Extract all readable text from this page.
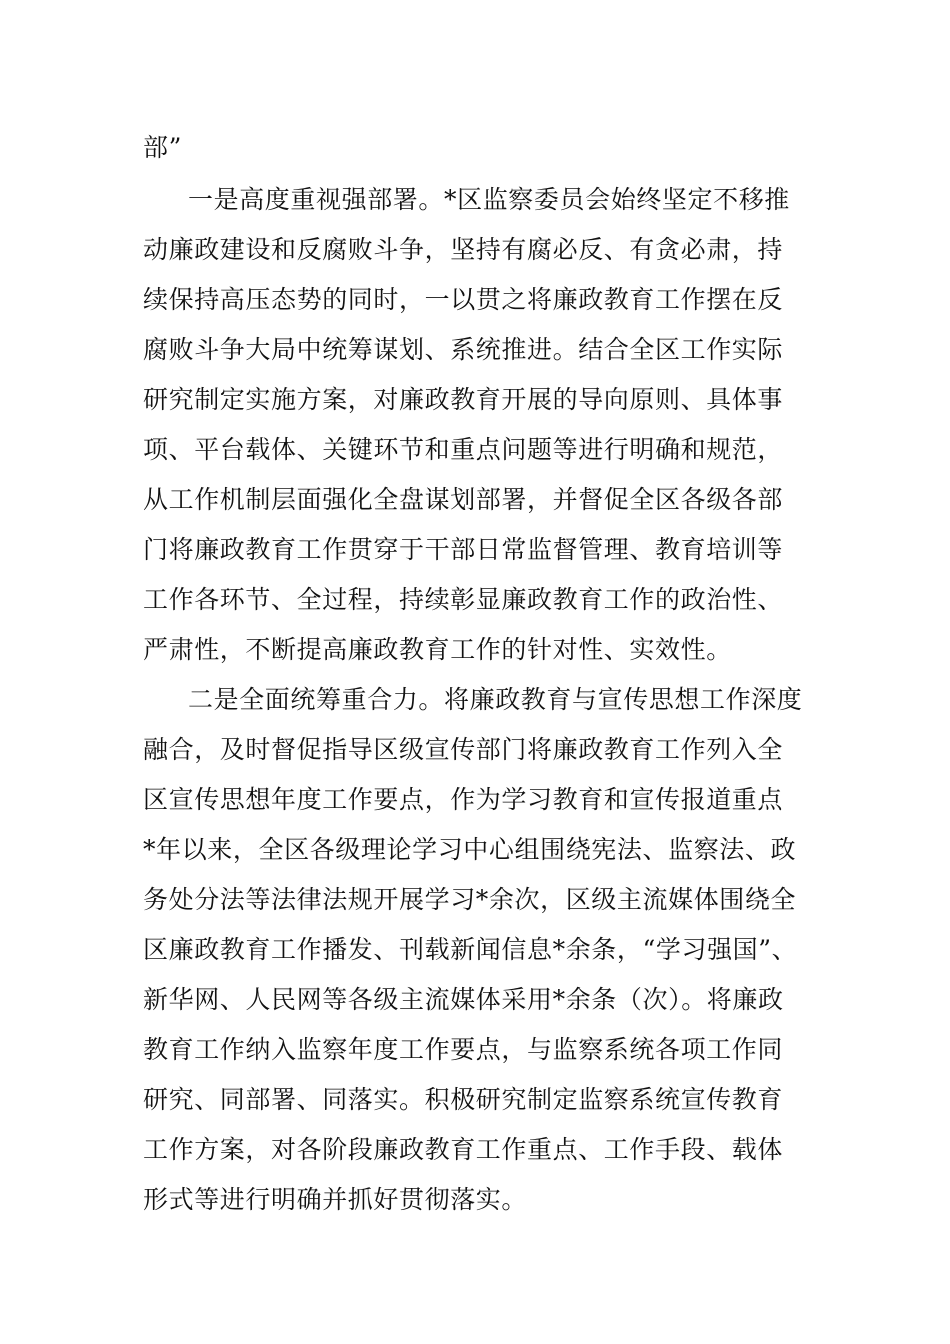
部”

一是高度重视强部署。*区监察委员会始终坚定不移推

动廉政建设和反腐败斗争，坚持有腐必反、有贪必肃，持

续保持高压态势的同时，一以贯之将廉政教育工作摆在反

腐败斗争大局中统筹谋划、系统推进。结合全区工作实际

研究制定实施方案，对廉政教育开展的导向原则、具体事

项、平台载体、关键环节和重点问题等进行明确和规范，

从工作机制层面强化全盘谋划部署，并督促全区各级各部

门将廉政教育工作贯穿于干部日常监督管理、教育培训等

工作各环节、全过程，持续彰显廉政教育工作的政治性、

严肃性，不断提高廉政教育工作的针对性、实效性。

二是全面统筹重合力。将廉政教育与宣传思想工作深度

融合，及时督促指导区级宣传部门将廉政教育工作列入全

区宣传思想年度工作要点，作为学习教育和宣传报道重点

*年以来，全区各级理论学习中心组围绕宪法、监察法、政

务处分法等法律法规开展学习*余次，区级主流媒体围绕全

区廉政教育工作播发、刊载新闻信息*余条，“学习强国”、

新华网、人民网等各级主流媒体采用*余条（次）。将廉政

教育工作纳入监察年度工作要点，与监察系统各项工作同

研究、同部署、同落实。积极研究制定监察系统宣传教育

工作方案，对各阶段廉政教育工作重点、工作手段、载体

形式等进行明确并抓好贯彻落实。
